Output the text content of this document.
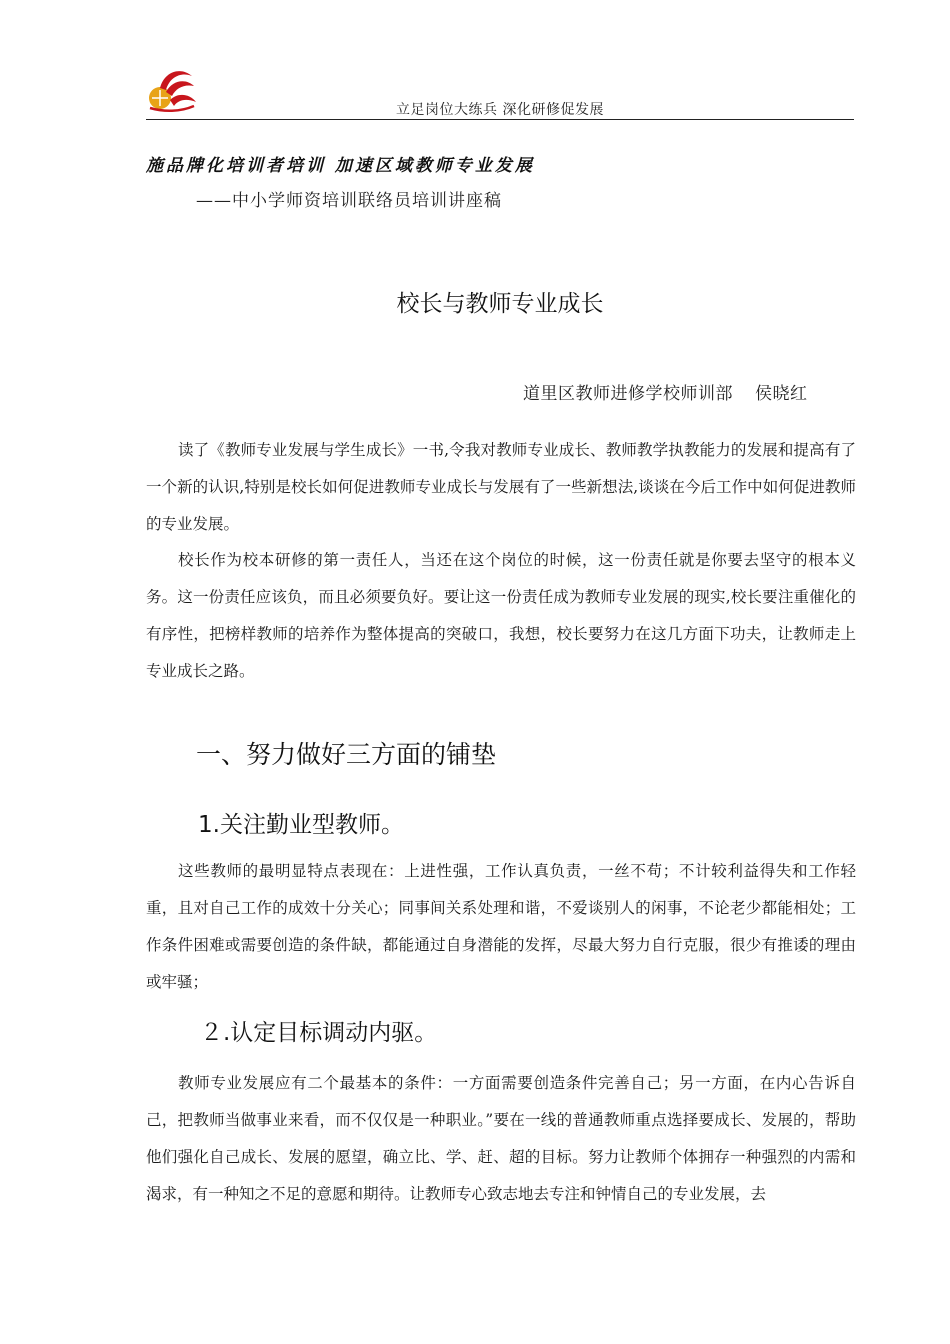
立足岗位大练兵 深化研修促发展
施品牌化培训者培训 加速区域教师专业发展
——中小学师资培训联络员培训讲座稿
校长与教师专业成长
道里区教师进修学校师训部 侯晓红

读了《教师专业发展与学生成长》一书,令我对教师专业成长、教师教学执教能力的发展和提高有了一个新的认识,特别是校长如何促进教师专业成长与发展有了一些新想法,谈谈在今后工作中如何促进教师的专业发展。

校长作为校本研修的第一责任人，当还在这个岗位的时候，这一份责任就是你要去坚守的根本义务。这一份责任应该负，而且必须要负好。要让这一份责任成为教师专业发展的现实,校长要注重催化的有序性，把榜样教师的培养作为整体提高的突破口，我想，校长要努力在这几方面下功夫，让教师走上专业成长之路。

一、努力做好三方面的铺垫
1.关注勤业型教师。

这些教师的最明显特点表现在：上进性强，工作认真负责，一丝不苟；不计较利益得失和工作轻重，且对自己工作的成效十分关心；同事间关系处理和谐，不爱谈别人的闲事，不论老少都能相处；工作条件困难或需要创造的条件缺，都能通过自身潜能的发挥，尽最大努力自行克服，很少有推诿的理由或牢骚；

２.认定目标调动内驱。

教师专业发展应有二个最基本的条件：一方面需要创造条件完善自己；另一方面，在内心告诉自己，把教师当做事业来看，而不仅仅是一种职业。”要在一线的普通教师重点选择要成长、发展的，帮助他们强化自己成长、发展的愿望，确立比、学、赶、超的目标。努力让教师个体拥存一种强烈的内需和渴求，有一种知之不足的意愿和期待。让教师专心致志地去专注和钟情自己的专业发展，去
